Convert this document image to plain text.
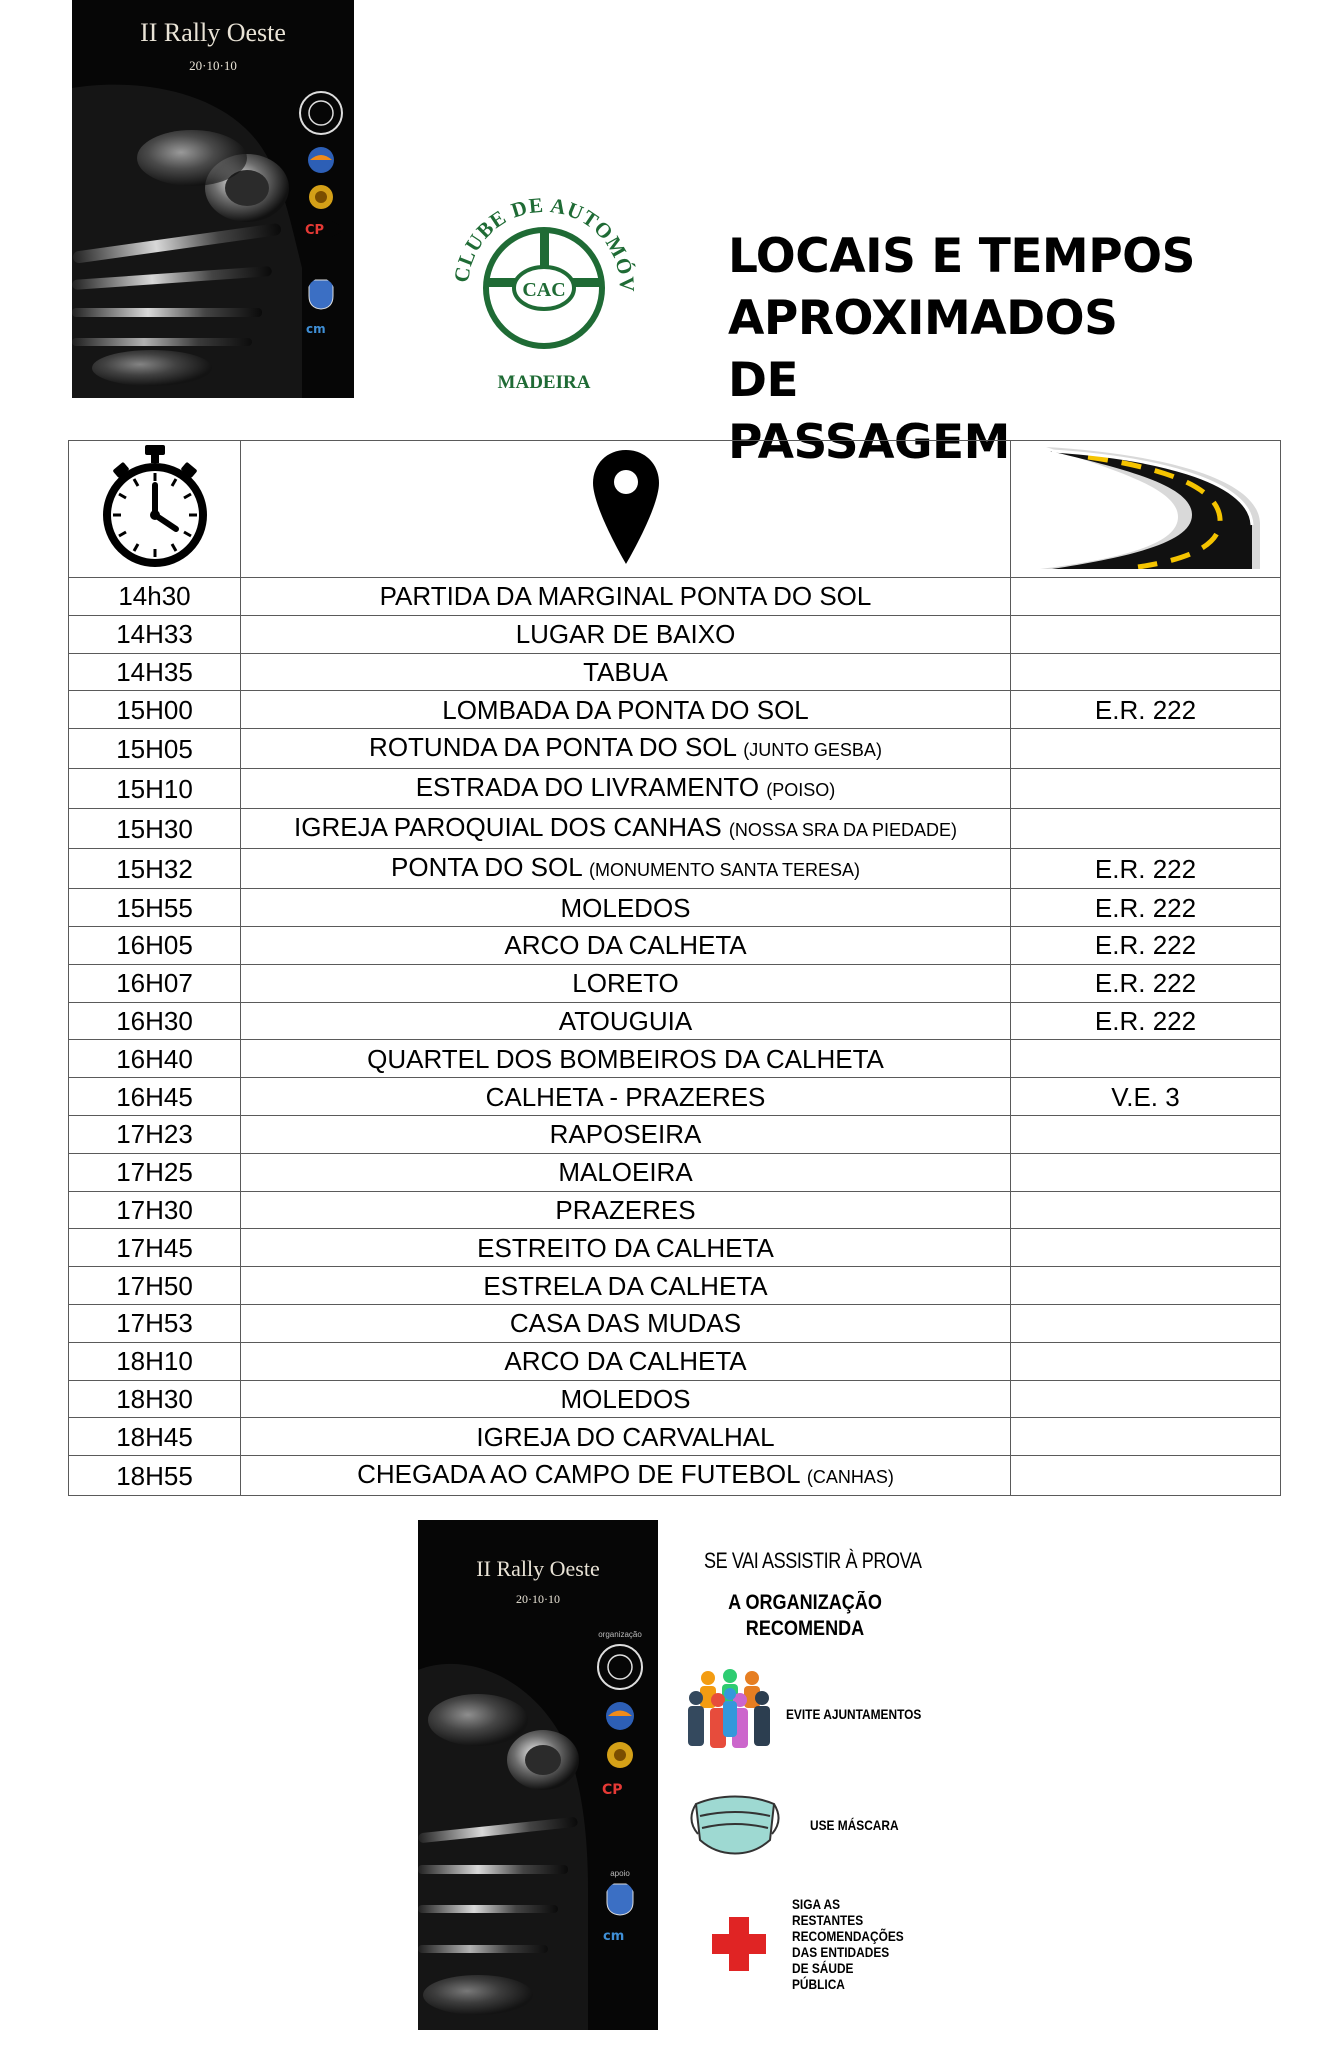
II Rally Oeste
20·10·10
CP
cm
CLUBE DE AUTOMÓV
CAC
MADEIRA
LOCAIS E TEMPOS
APROXIMADOS DE
PASSAGEM

14h30	PARTIDA DA MARGINAL PONTA DO SOL	
14H33	LUGAR DE BAIXO	
14H35	TABUA	
15H00	LOMBADA DA PONTA DO SOL	E.R. 222
15H05	ROTUNDA DA PONTA DO SOL (JUNTO GESBA)	
15H10	ESTRADA DO LIVRAMENTO (POISO)	
15H30	IGREJA PAROQUIAL DOS CANHAS (NOSSA SRA DA PIEDADE)	
15H32	PONTA DO SOL (MONUMENTO SANTA TERESA)	E.R. 222
15H55	MOLEDOS	E.R. 222
16H05	ARCO DA CALHETA	E.R. 222
16H07	LORETO	E.R. 222
16H30	ATOUGUIA	E.R. 222
16H40	QUARTEL DOS BOMBEIROS DA CALHETA	
16H45	CALHETA - PRAZERES	V.E. 3
17H23	RAPOSEIRA	
17H25	MALOEIRA	
17H30	PRAZERES	
17H45	ESTREITO DA CALHETA	
17H50	ESTRELA DA CALHETA	
17H53	CASA DAS MUDAS	
18H10	ARCO DA CALHETA	
18H30	MOLEDOS	
18H45	IGREJA DO CARVALHAL	
18H55	CHEGADA AO CAMPO DE FUTEBOL (CANHAS)	
II Rally Oeste
20·10·10
organização
CP
apoio
cm
SE VAI ASSISTIR À PROVA
A ORGANIZAÇÃO RECOMENDA
EVITE AJUNTAMENTOS
USE MÁSCARA
SIGA AS RESTANTES RECOMENDAÇÕES DAS ENTIDADES DE SÁUDE PÚBLICA
